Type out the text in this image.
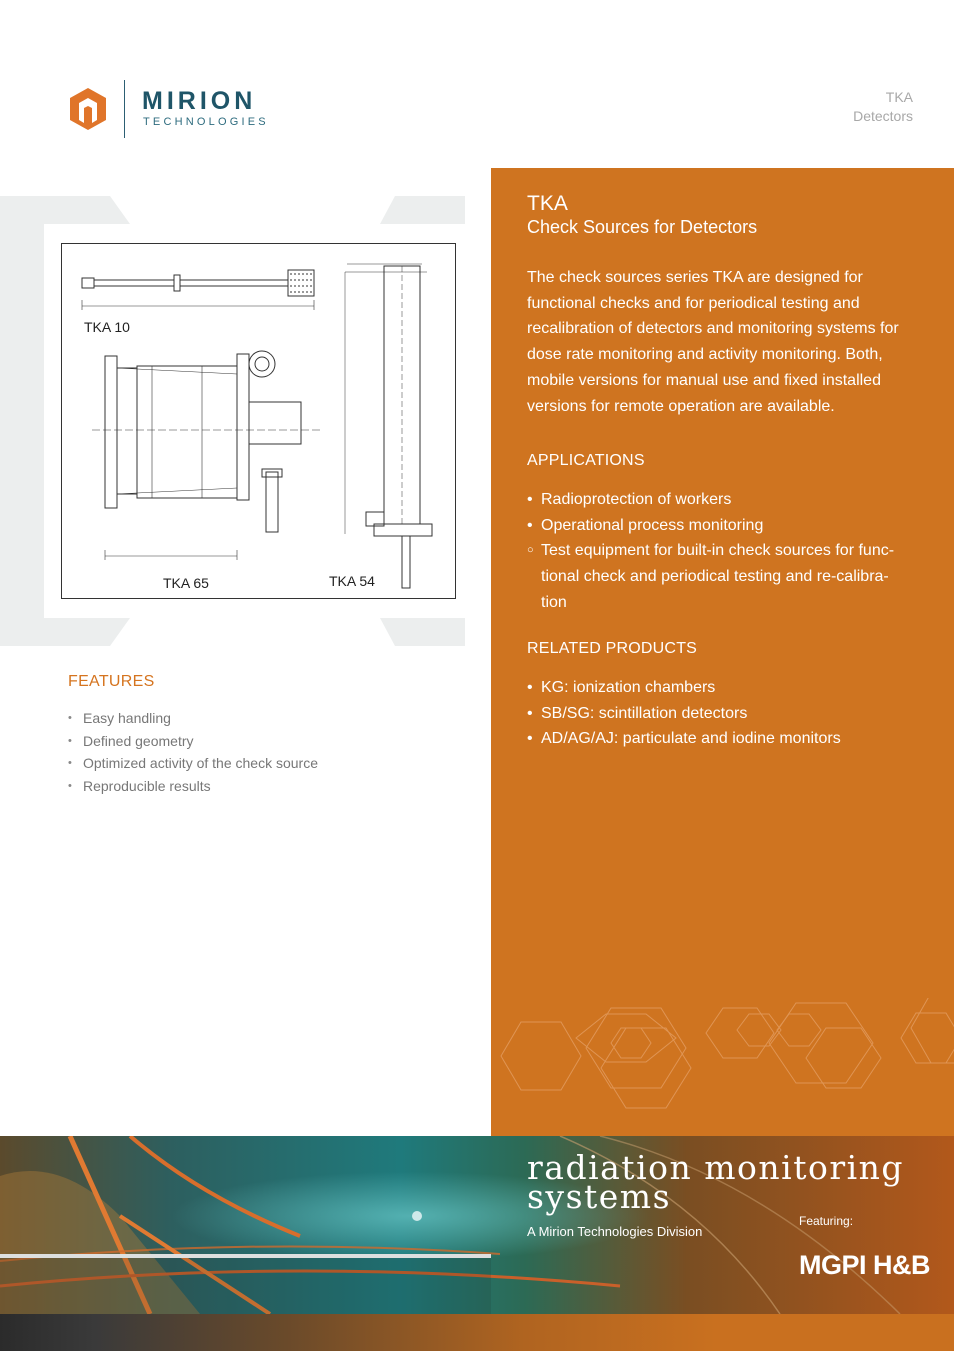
MIRION
TECHNOLOGIES
TKA
Detectors
TKA 10
TKA 65	TKA 54
FEATURES
• Easy handling
• Defined geometry
• Optimized activity of the check source
• Reproducible results
TKA
Check Sources for Detectors
The check sources series TKA are designed for functional checks and for periodical testing and recalibration of detectors and monitoring systems for dose rate monitoring and activity monitoring. Both, mobile versions for manual use and fixed installed versions for remote operation are available.
APPLICATIONS
• Radioprotection of workers
• Operational process monitoring
○ Test equipment for built-in check sources for func-tional check and periodical testing and re-calibra-tion
RELATED PRODUCTS
• KG: ionization chambers
• SB/SG: scintillation detectors
• AD/AG/AJ: particulate and iodine monitors
radiation monitoring
systems
A Mirion Technologies Division
Featuring:
MGPI H&B
